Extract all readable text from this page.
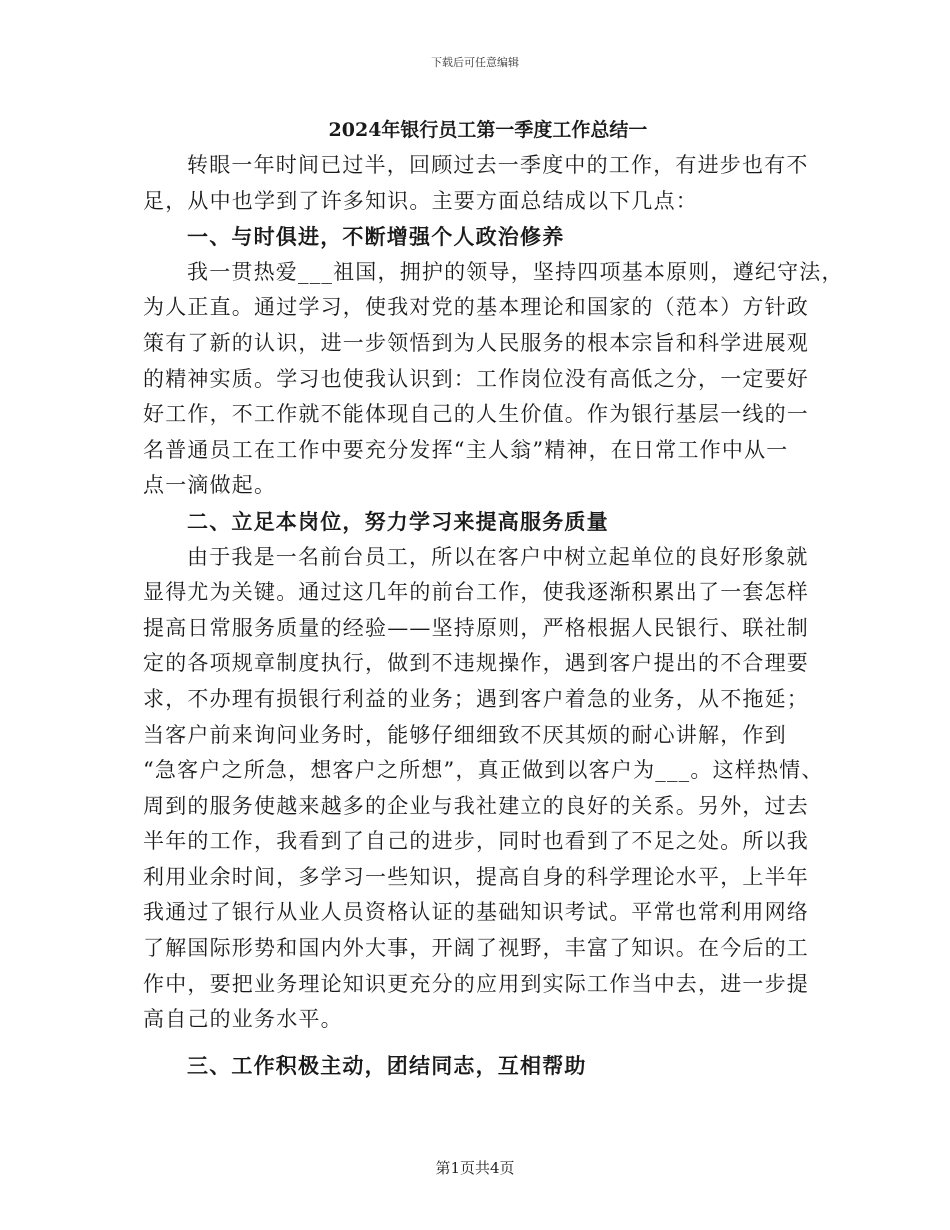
下载后可任意编辑
2024年银行员工第一季度工作总结一
转眼一年时间已过半，回顾过去一季度中的工作，有进步也有不
足，从中也学到了许多知识。主要方面总结成以下几点：
一、与时俱进，不断增强个人政治修养
我一贯热爱___祖国，拥护的领导，坚持四项基本原则，遵纪守法，
为人正直。通过学习，使我对党的基本理论和国家的（范本）方针政
策有了新的认识，进一步领悟到为人民服务的根本宗旨和科学进展观
的精神实质。学习也使我认识到：工作岗位没有高低之分，一定要好
好工作，不工作就不能体现自己的人生价值。作为银行基层一线的一
名普通员工在工作中要充分发挥“主人翁”精神，在日常工作中从一
点一滴做起。
二、立足本岗位，努力学习来提高服务质量
由于我是一名前台员工，所以在客户中树立起单位的良好形象就
显得尤为关键。通过这几年的前台工作，使我逐渐积累出了一套怎样
提高日常服务质量的经验——坚持原则，严格根据人民银行、联社制
定的各项规章制度执行，做到不违规操作，遇到客户提出的不合理要
求，不办理有损银行利益的业务；遇到客户着急的业务，从不拖延；
当客户前来询问业务时，能够仔细细致不厌其烦的耐心讲解，作到
“急客户之所急，想客户之所想”，真正做到以客户为___。这样热情、
周到的服务使越来越多的企业与我社建立的良好的关系。另外，过去
半年的工作，我看到了自己的进步，同时也看到了不足之处。所以我
利用业余时间，多学习一些知识，提高自身的科学理论水平，上半年
我通过了银行从业人员资格认证的基础知识考试。平常也常利用网络
了解国际形势和国内外大事，开阔了视野，丰富了知识。在今后的工
作中，要把业务理论知识更充分的应用到实际工作当中去，进一步提
高自己的业务水平。
三、工作积极主动，团结同志，互相帮助
第1页共4页
